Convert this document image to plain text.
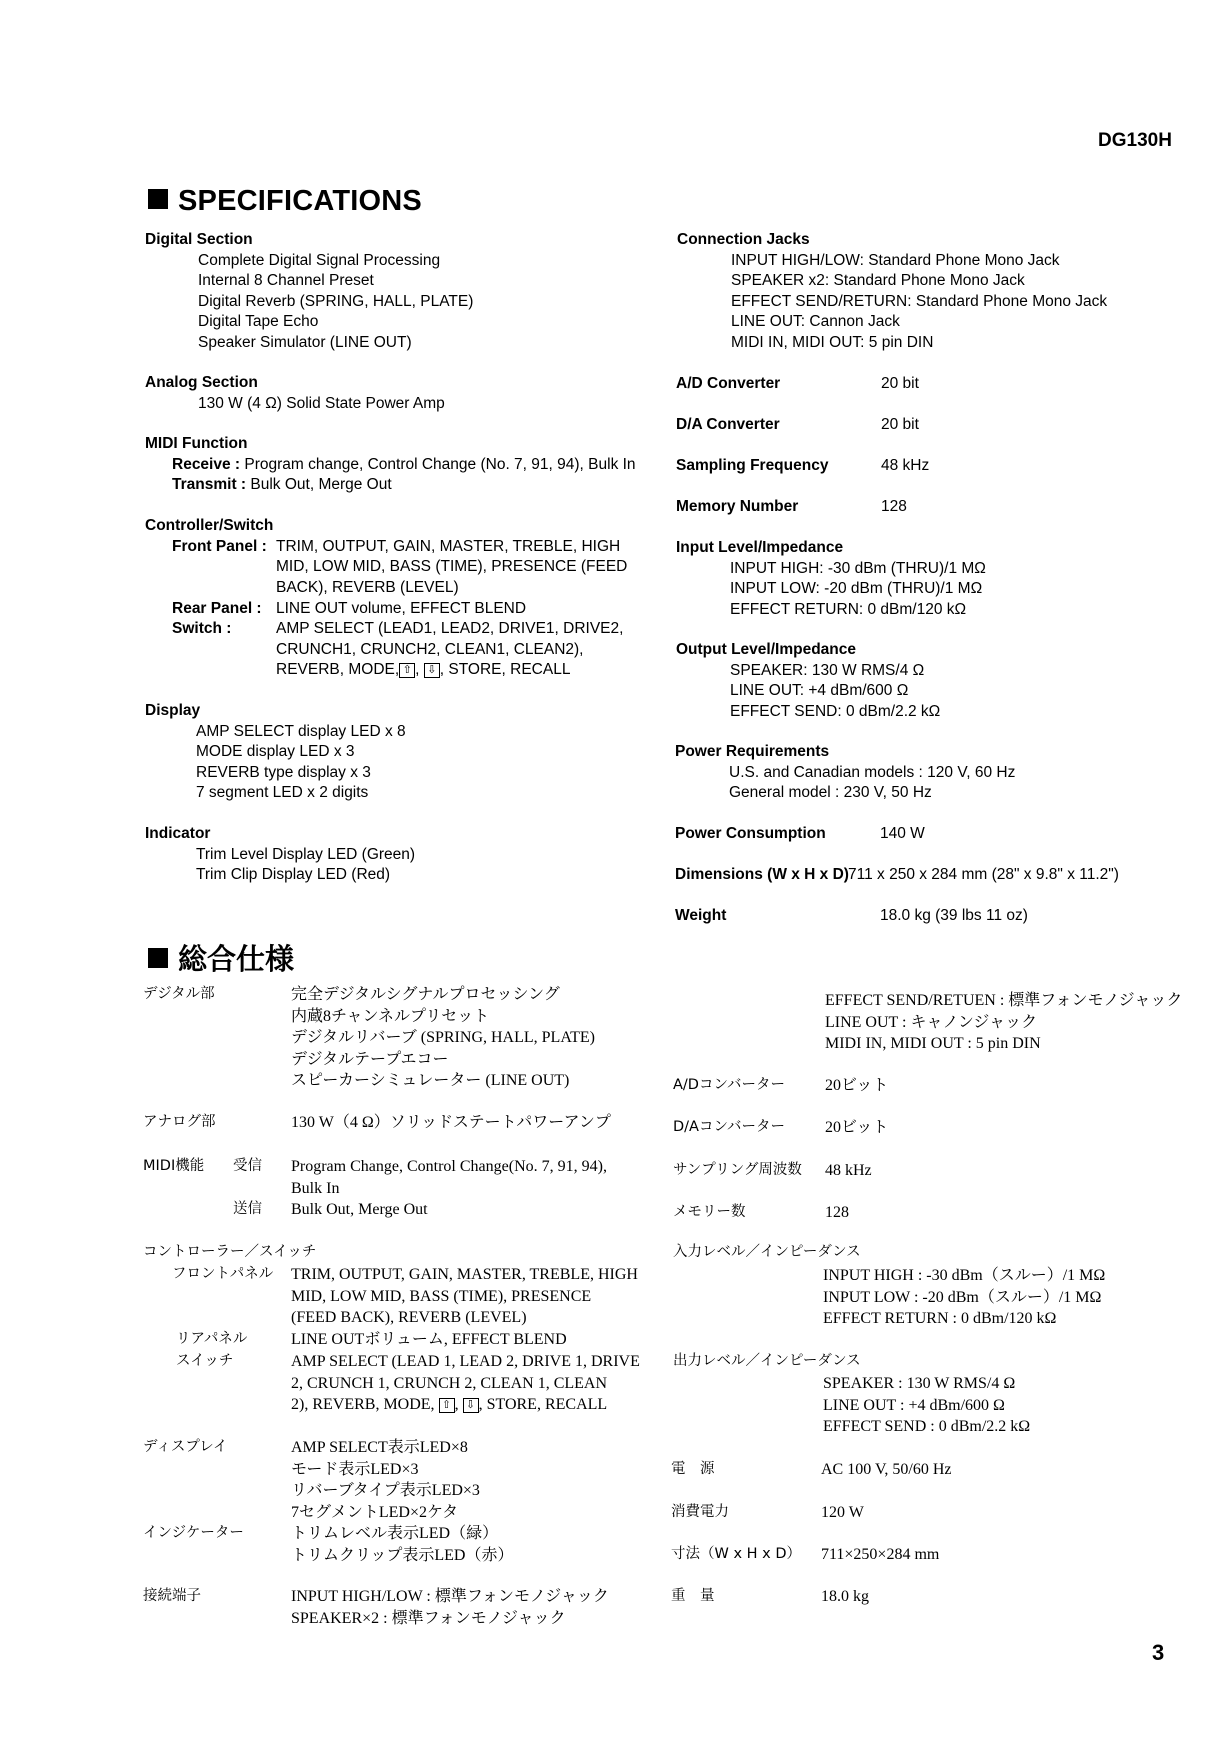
DG130H
SPECIFICATIONS
Digital Section
Complete Digital Signal Processing
Internal 8 Channel Preset
Digital Reverb (SPRING, HALL, PLATE)
Digital Tape Echo
Speaker Simulator (LINE OUT)
Analog Section
130 W (4 Ω) Solid State Power Amp
MIDI Function
Receive : Program change, Control Change (No. 7, 91, 94), Bulk In
Transmit : Bulk Out, Merge Out
Controller/Switch
Front Panel : TRIM, OUTPUT, GAIN, MASTER, TREBLE, HIGH
MID, LOW MID, BASS (TIME), PRESENCE (FEED
BACK), REVERB (LEVEL)
Rear Panel : LINE OUT volume, EFFECT BLEND
Switch :	AMP SELECT (LEAD1, LEAD2, DRIVE1, DRIVE2,
CRUNCH1, CRUNCH2, CLEAN1, CLEAN2),
REVERB, MODE, ⇧ , ⇩ , STORE, RECALL
Display
AMP SELECT display LED x 8
MODE display LED x 3
REVERB type display x 3
7 segment LED x 2 digits
Indicator
Trim Level Display LED (Green)
Trim Clip Display LED (Red)
Connection Jacks
INPUT HIGH/LOW: Standard Phone Mono Jack
SPEAKER x2: Standard Phone Mono Jack
EFFECT SEND/RETURN: Standard Phone Mono Jack
LINE OUT: Cannon Jack
MIDI IN, MIDI OUT: 5 pin DIN
A/D Converter	20 bit
D/A Converter	20 bit
Sampling Frequency	48 kHz
Memory Number	128
Input Level/Impedance
INPUT HIGH: -30 dBm (THRU)/1 MΩ
INPUT LOW: -20 dBm (THRU)/1 MΩ
EFFECT RETURN: 0 dBm/120 kΩ
Output Level/Impedance
SPEAKER: 130 W RMS/4 Ω
LINE OUT: +4 dBm/600 Ω
EFFECT SEND: 0 dBm/2.2 kΩ
Power Requirements
U.S. and Canadian models : 120 V, 60 Hz
General model : 230 V, 50 Hz
Power Consumption	140 W
Dimensions (W x H x D) 711 x 250 x 284 mm (28" x 9.8" x 11.2")
Weight	18.0 kg (39 lbs 11 oz)
総合仕様
デジタル部	完全デジタルシグナルプロセッシング
内蔵8チャンネルプリセット
デジタルリバーブ (SPRING, HALL, PLATE)
デジタルテープエコー
スピーカーシミュレーター (LINE OUT)
アナログ部	130 W（4 Ω）ソリッドステートパワーアンプ
MIDI機能 受信 Program Change, Control Change(No. 7, 91, 94),
Bulk In
送信 Bulk Out, Merge Out
コントローラー／スイッチ
フロントパネル TRIM, OUTPUT, GAIN, MASTER, TREBLE, HIGH
MID, LOW MID, BASS (TIME), PRESENCE
(FEED BACK), REVERB (LEVEL)
リアパネル	LINE OUTボリューム, EFFECT BLEND
スイッチ	AMP SELECT (LEAD 1, LEAD 2, DRIVE 1, DRIVE
2, CRUNCH 1, CRUNCH 2, CLEAN 1, CLEAN
2), REVERB, MODE, ⇧ , ⇩ , STORE, RECALL
ディスプレイ	AMP SELECT表示LED×8
モード表示LED×3
リバーブタイプ表示LED×3
7セグメントLED×2ケタ
インジケーター	トリムレベル表示LED（緑）
トリムクリップ表示LED（赤）
接続端子	INPUT HIGH/LOW : 標準フォンモノジャック
SPEAKER×2 : 標準フォンモノジャック
EFFECT SEND/RETUEN : 標準フォンモノジャック
LINE OUT : キャノンジャック
MIDI IN, MIDI OUT : 5 pin DIN
A/Dコンバーター	20ビット
D/Aコンバーター	20ビット
サンプリング周波数 48 kHz
メモリー数	128
入力レベル／インピーダンス
INPUT HIGH : -30 dBm（スルー）/1 MΩ
INPUT LOW : -20 dBm（スルー）/1 MΩ
EFFECT RETURN : 0 dBm/120 kΩ
出力レベル／インピーダンス
SPEAKER : 130 W RMS/4 Ω
LINE OUT : +4 dBm/600 Ω
EFFECT SEND : 0 dBm/2.2 kΩ
電　源	AC 100 V, 50/60 Hz
消費電力	120 W
寸法（W x H x D） 711×250×284 mm
重　量	18.0 kg
3
